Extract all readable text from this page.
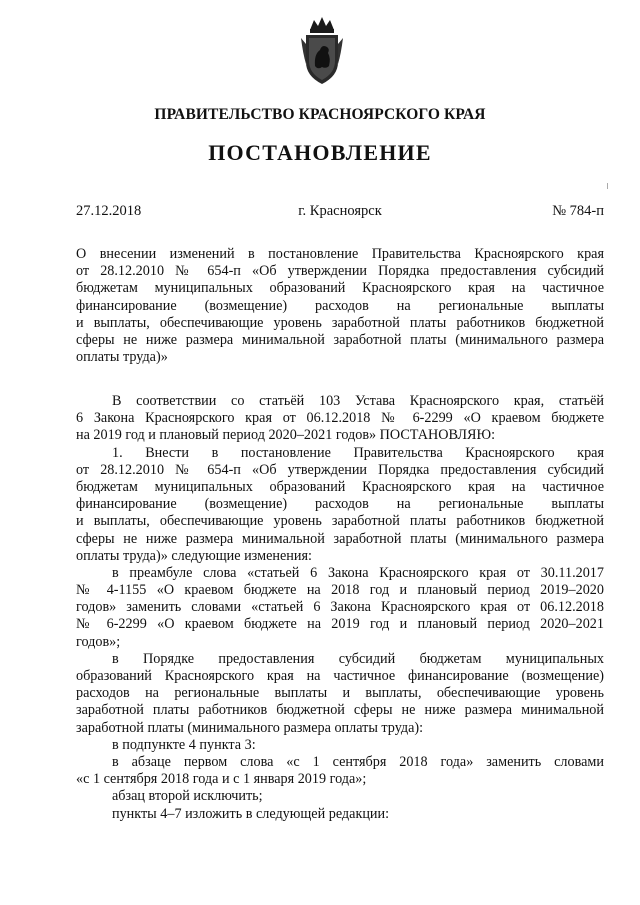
ПРАВИТЕЛЬСТВО КРАСНОЯРСКОГО КРАЯ
ПОСТАНОВЛЕНИЕ
г. Красноярск
27.12.2018	№ 784-п
О внесении изменений в постановление Правительства Красноярского края
от 28.12.2010 № 654-п «Об утверждении Порядка предоставления субсидий
бюджетам муниципальных образований Красноярского края на частичное
финансирование (возмещение) расходов на региональные выплаты
и выплаты, обеспечивающие уровень заработной платы работников бюджетной
сферы не ниже размера минимальной заработной платы (минимального размера
оплаты труда)»
В соответствии со статьёй 103 Устава Красноярского края, статьёй
6 Закона Красноярского края от 06.12.2018 № 6-2299 «О краевом бюджете
на 2019 год и плановый период 2020–2021 годов» ПОСТАНОВЛЯЮ:
1. Внести в постановление Правительства Красноярского края
от 28.12.2010 № 654-п «Об утверждении Порядка предоставления субсидий
бюджетам муниципальных образований Красноярского края на частичное
финансирование (возмещение) расходов на региональные выплаты
и выплаты, обеспечивающие уровень заработной платы работников бюджетной
сферы не ниже размера минимальной заработной платы (минимального размера
оплаты труда)» следующие изменения:
в преамбуле слова «статьей 6 Закона Красноярского края от 30.11.2017
№ 4-1155 «О краевом бюджете на 2018 год и плановый период 2019–2020
годов» заменить словами «статьей 6 Закона Красноярского края от 06.12.2018
№ 6-2299 «О краевом бюджете на 2019 год и плановый период 2020–2021
годов»;
в Порядке предоставления субсидий бюджетам муниципальных
образований Красноярского края на частичное финансирование (возмещение)
расходов на региональные выплаты и выплаты, обеспечивающие уровень
заработной платы работников бюджетной сферы не ниже размера минимальной
заработной платы (минимального размера оплаты труда):
в подпункте 4 пункта 3:
в абзаце первом слова «с 1 сентября 2018 года» заменить словами
«с 1 сентября 2018 года и с 1 января 2019 года»;
абзац второй исключить;
пункты 4–7 изложить в следующей редакции:
